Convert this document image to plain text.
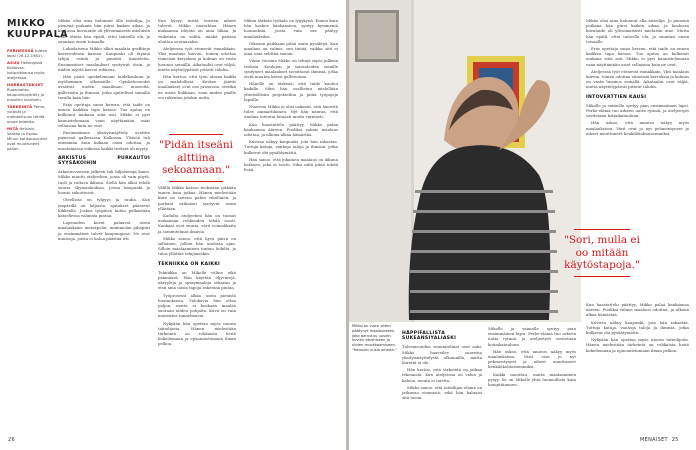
MIKKO
KUUPPALA
PERHEESSÄ tuleva lapsi (26.12.1981).
ASUU Helsingissä Kalliossa, kotipaikkansa myös ateljeessa.
HARRASTUKSET Ruoanlaitto, kaupunkipyöräily ja musiikin kuuntelu.
TÄRKEINTÄ Perhe, ystävät ja mahdollisuus tehdä omaa taidetta.
MITÄ Helsinki, Vantaa ja Espoo. Minun kotikaupunkini ovat muuttuneet paljon.

Mikko olisi aina halunnut olla taiteilija. Jo pienenä poikana hän piirsi kaiken aikaa, ja koulussa kuvataide oli ylivoimaisesti mieluisin aine. Mutta hän epäili, ettei taiteella elä, ja suuntasi ensin toisaalle.

Lukiolaisena Mikko alkoi maalata graffiteja kavereidensa kanssa. Kaupunki oli täynnä tyhjiä seiniä ja pimeitä tunneleita. Ensimmäiset maalaukset syntyivät öisin, ja niiden myötä kasvoi rohkeus.

Hän pääsi opiskelemaan taidekouluun ja myöhemmin ulkomaille. Opiskeluvuodet avasivat uuden maailman: museoita, gallerioita ja ihmisiä, jotka ajattelivat samalla tavalla kuin hän.

Eräs opettaja sanoi kerran, että taide on ennen kaikkea tapa katsoa. Tuo ajatus on kulkenut mukana siitä asti. Mikko ei pyri kaunistelemaan vaan näyttämään asiat sellaisina kuin ne ovat.

Ensimmäinen yksityisnäyttely avattiin pienessä galleriassa Kalliossa. Yleisöä tuli enemmän kuin kukaan osasi odottaa, ja muutamassa viikossa kaikki teokset oli myyty.

ARKISTUS PURKAUTUI SYYSÄKOIHIN

Arkistusvuosien jälkeen tuli hiljaisempi kausi. Mikko muutti ateljeehen, jossa oli vain pöytä, tuoli ja valtava ikkuna. Siellä hän alkoi tehdä suuria öljymaalauksia, joissa kaupunki ja luonto sekoittuvat.

Oleellista on tyhjyys ja rauha. Kun ympärillä on hiljaista, ajatukset pääsevät liikkeelle. Joskus työpäivä kuluu pelkästään katsellessa valmista pintaa.

Lapsuuden kuvat palaavat usein maalauksiin: metsäpolut, mummolan pihapiiri ja ensimmäiset talvet kaupungissa. Ne ovat muistoja, joista ei halua päästää irti.

Kun kysyy, mistä teosten aiheet tulevat, Mikko naurahtaa. Hänen mukaansa ideoita on aina liikaa, ja vaikeinta on valita, minkä parissa aloittaa seuraavaksi.

Ateljeessa työt etenevät rinnakkain. Yksi maalaus kuivuu, toinen odottaa viimeisiä kerroksia ja kolmas on vasta luonnos seinällä. Aikataulut ovat väljiä, mutta näyttelypäivät pitävät tahdin.

Hän kertoo, että työn alussa kaikki on mahdollista. Kesken jäävät maalaukset ovat osa prosessia, eivätkä ne mene hukkaan, vaan niiden päälle voi rakentaa jotakin uutta.

"Pidän itseäni alttiina sekoamaan."

Välillä Mikko katsoo teoksiaan pitkään ennen kuin jatkaa. Hänen mielestään kiire on taiteen pahin vihollinen, ja parhaat ratkaisut syntyvät usein yllättäen.

Kadulta ateljeehen hän on tuonut mukanaan rohkeuden tehdä isosti. Kankaat ovat suuria, värit voimakkaita ja sommitelmat ilmavia.

Mikko sanoo, että hyvä päivä on sellainen, jolloin hän unohtaa ajan. Silloin maalaaminen tuntuu leikiltä, ja tulos yllättää tekijänsäkin.

TEKNIIKKA ON KAIKKI

Tekniikka on Mikolle väline eikä päämäärä. Hän käyttää öljyvärejä, akryyleja ja spraymaaleja sekaisin ja etsii aina uusia tapoja rakentaa pintaa.

Työprosessi alkaa usein pienistä luonnoksista. Valokuvia hän ottaa paljon, mutta ei koskaan maalaa suoraan niiden pohjalta. Kuva on vain muistutus tunnelmasta.

Nykyään hän opettaa myös nuoria taiteilijoita. Hänen mielestään tärkeintä on rohkaista heitä kokeilemaan ja epäonnistumaan ilman pelkoa.

Mikon tärkein työkalu on lyijykynä. Ennen kuin hän koskee kankaaseen, syntyy kymmeniä luonnoksia, joista vain osa päätyy maalauksiksi.

Oikeaan paikkaan pitää osata pysähtyä. Kun maalaus on valmis, sen tietää, vaikka sitä ei aina osaa selittää sanoin.

Viime vuosina Mikko on tehnyt myös julkisia teoksia. Koulujen ja sairaaloiden seinille syntyneet maalaukset tavoittavat ihmisiä, jotka eivät muuten kävisi gallerioissa.

Hänelle on tärkeää, että taide kuuluu kaikille. Siksi hän osallistuu mielellään yhteisöllisiin projekteihin ja pitää työpajoja lapsille.

Nuorena Mikko ei olisi uskonut, että hänestä tulee ammattilainen. Nyt hän nauraa, että unelma toteutui hitaasti mutta varmasti.

Kun haastattelu päättyy, Mikko palaa kankaansa ääreen. Puoliksi valmis maalaus odottaa, ja ulkona alkaa hämärtää.

Kuvissa näkyy kaupunki, jota hän rakastaa. Tuttuja katuja, vanhoja taloja ja ihmisiä, jotka kulkevat ohi pysähtymättä.

Hän sanoo, että jokainen maalaus on ikkuna hetkeen, joka ei toistu. Siksi niitä pitää tehdä lisää.

Mikko on vuosi sitten päätynyt maalaukseen, joka perustuu uusien kuvien etsimiseen ja niiden muokkaamiseen. "Neuvoin uusia aiheita."
HÄPPIFALLISTA SUKEANSIYALIASKI

Tulevaisuuden suunnitelmat ovat auki. Mikko haaveilee suuresta yksityisnäyttelystä ulkomailla, mutta kiirettä ei ole.

Hän kertoo, että tärkeintä on jatkaa tekemistä. Kun ateljeessa on valoa ja kahvia, muuta ei tarvita.

Mikko sanoo, että taiteilijan elämä on jatkuvaa etsimistä, eikä hän haluaisi sitä toisin.

Mikolle ja vaimolle syntyy pian ensimmäinen lapsi. Perhe-elämä tuo arkeen uutta rytmiä, ja ateljeetyöt sovitetaan kotiaikatauluun.

Hän uskoo, että muutos näkyy myös maalauksissa. Värit ovat jo nyt pehmentyneet ja aiheet muuttuneet henkilökohtaisemmiksi.

Kaikki muuttuu, mutta maalaaminen pysyy. Se on Mikolle yhtä luonnollista kuin hengittäminen.

Mikko olisi aina halunnut olla taiteilija. Jo pienenä poikana hän piirsi kaiken aikaa, ja koulussa kuvataide oli ylivoimaisesti mieluisin aine. Mutta hän epäili, ettei taiteella elä, ja suuntasi ensin toisaalle.

Eräs opettaja sanoi kerran, että taide on ennen kaikkea tapa katsoa. Tuo ajatus on kulkenut mukana siitä asti. Mikko ei pyri kaunistelemaan vaan näyttämään asiat sellaisina kuin ne ovat.

Ateljeessa työt etenevät rinnakkain. Yksi maalaus kuivuu, toinen odottaa viimeisiä kerroksia ja kolmas on vasta luonnos seinällä. Aikataulut ovat väljiä, mutta näyttelypäivät pitävät tahdin.

INTOVERTTIEN KAUSI

Mikolle ja vaimolle syntyy pian ensimmäinen lapsi. Perhe-elämä tuo arkeen uutta rytmiä, ja ateljeetyöt sovitetaan kotiaikatauluun.

Hän uskoo, että muutos näkyy myös maalauksissa. Värit ovat jo nyt pehmentyneet ja aiheet muuttuneet henkilökohtaisemmiksi.

"Sori, mulla ei oo mitään käytöstapoja."

Kun haastattelu päättyy, Mikko palaa kankaansa ääreen. Puoliksi valmis maalaus odottaa, ja ulkona alkaa hämärtää.

Kuvissa näkyy kaupunki, jota hän rakastaa. Tuttuja katuja, vanhoja taloja ja ihmisiä, jotka kulkevat ohi pysähtymättä.

Nykyään hän opettaa myös nuoria taiteilijoita. Hänen mielestään tärkeintä on rohkaista heitä kokeilemaan ja epäonnistumaan ilman pelkoa.

26	MENAISET 25
